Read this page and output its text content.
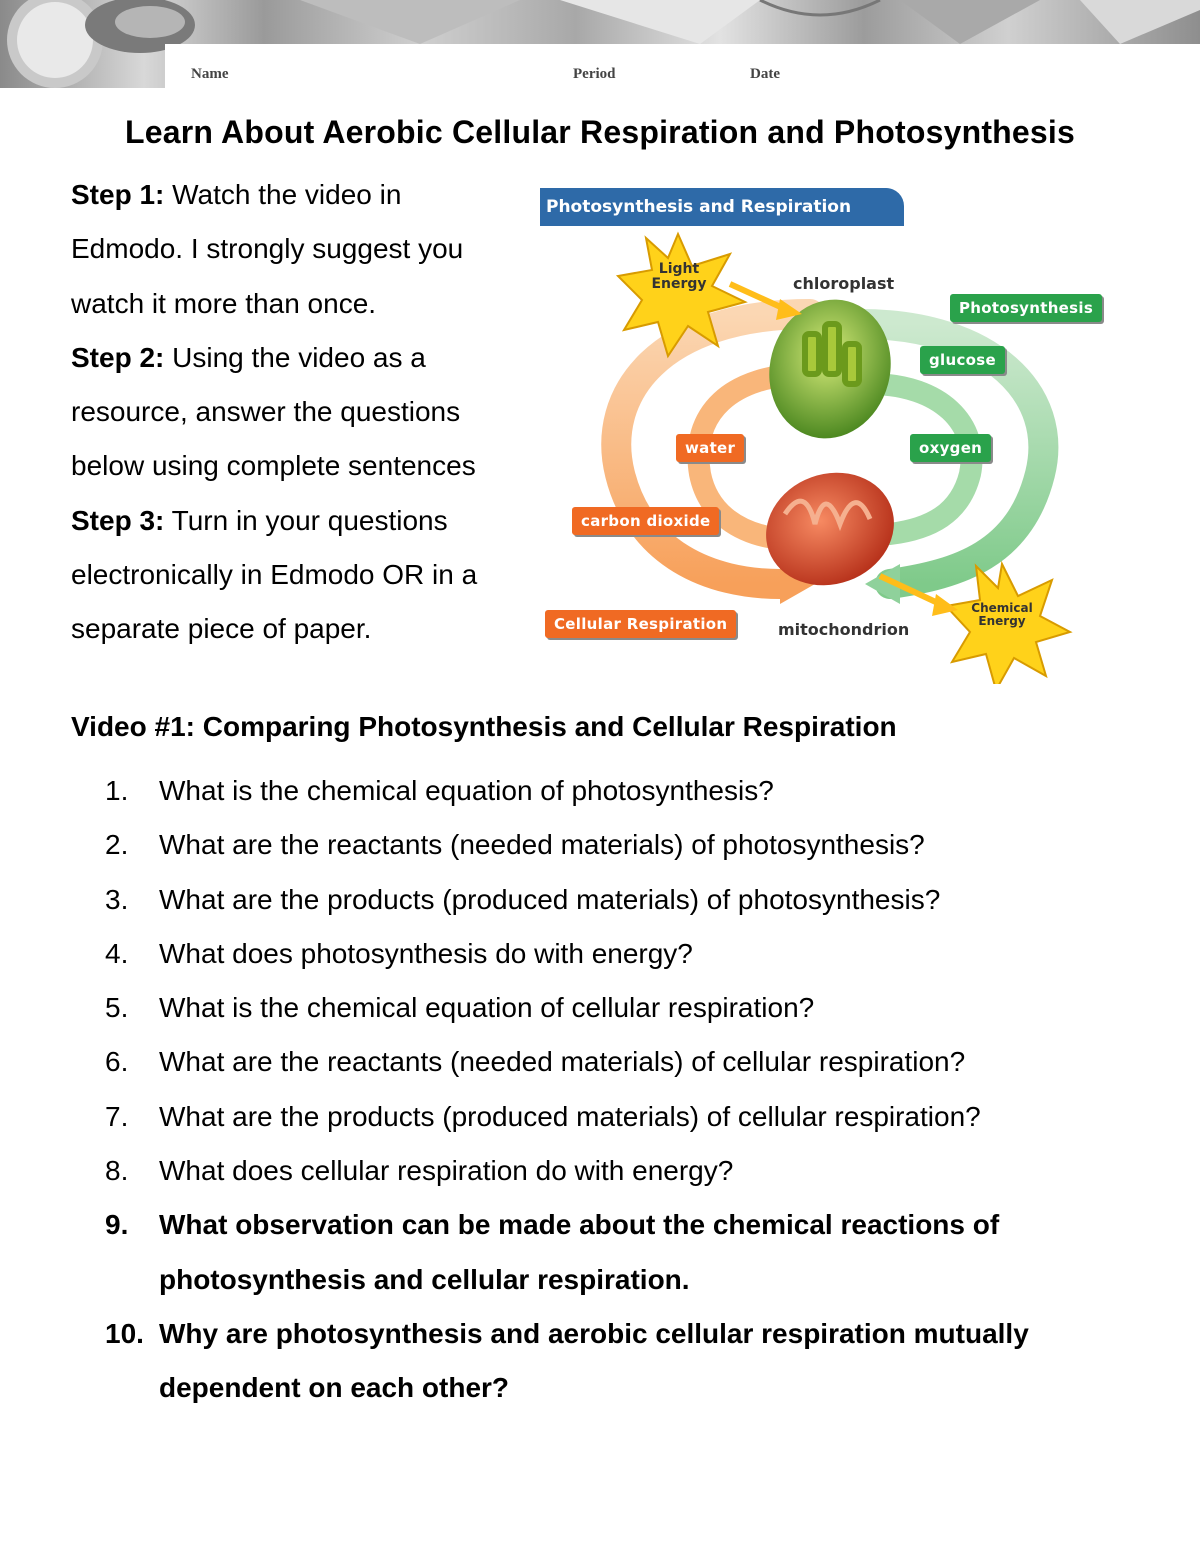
Name	Period	Date
Learn About Aerobic Cellular Respiration and Photosynthesis

Step 1: Watch the video in Edmodo. I strongly suggest you watch it more than once.

Step 2: Using the video as a resource, answer the questions below using complete sentences

Step 3: Turn in your questions electronically in Edmodo OR in a separate piece of paper.

Photosynthesis and Respiration Cycle
Light Energy
Chemical Energy
chloroplast
mitochondrion
Photosynthesis
glucose
oxygen
water
carbon dioxide
Cellular Respiration
Video #1: Comparing Photosynthesis and Cellular Respiration
1. What is the chemical equation of photosynthesis?
2. What are the reactants (needed materials) of photosynthesis?
3. What are the products (produced materials) of photosynthesis?
4. What does photosynthesis do with energy?
5. What is the chemical equation of cellular respiration?
6. What are the reactants (needed materials) of cellular respiration?
7. What are the products (produced materials) of cellular respiration?
8. What does cellular respiration do with energy?
9. What observation can be made about the chemical reactions of photosynthesis and cellular respiration.
10. Why are photosynthesis and aerobic cellular respiration mutually dependent on each other?
